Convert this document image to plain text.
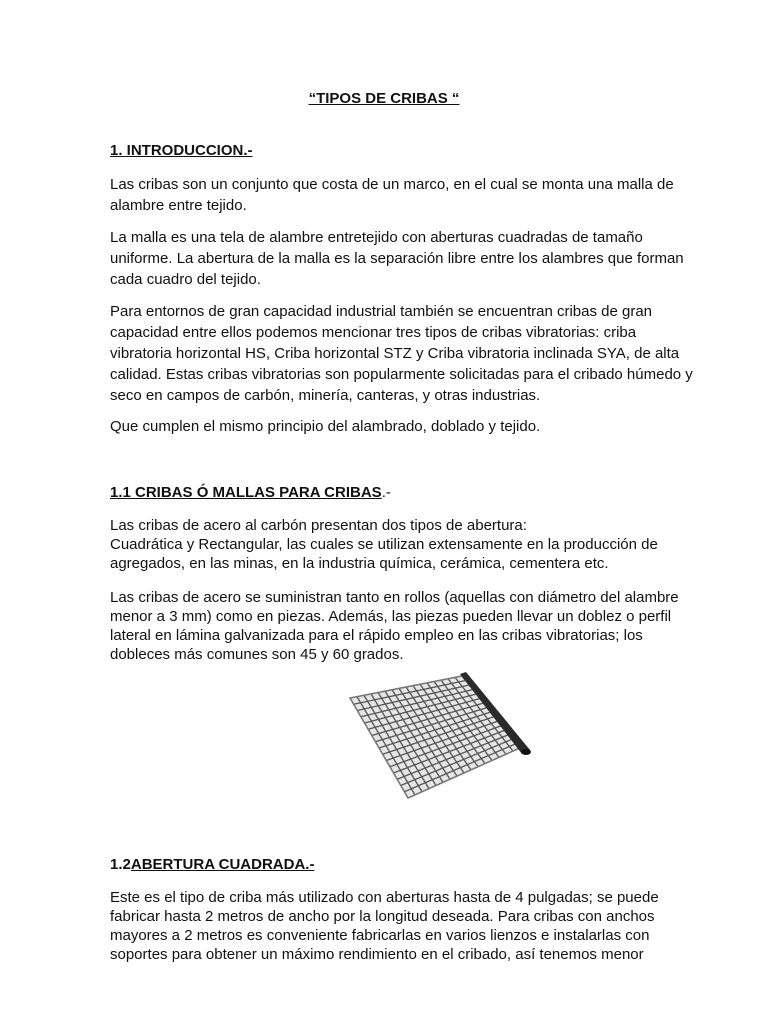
“TIPOS DE CRIBAS “
1. INTRODUCCION.-
Las cribas son un conjunto que costa de un marco, en el cual se monta una malla de
alambre entre tejido.
La malla es una tela de alambre entretejido con aberturas cuadradas de tamaño
uniforme. La abertura de la malla es la separación libre entre los alambres que forman
cada cuadro del tejido.
Para entornos de gran capacidad industrial también se encuentran cribas de gran
capacidad entre ellos podemos mencionar tres tipos de cribas vibratorias: criba
vibratoria horizontal HS, Criba horizontal STZ y Criba vibratoria inclinada SYA, de alta
calidad. Estas cribas vibratorias son popularmente solicitadas para el cribado húmedo y
seco en campos de carbón, minería, canteras, y otras industrias.
Que cumplen el mismo principio del alambrado, doblado y tejido.
1.1 CRIBAS Ó MALLAS PARA CRIBAS.-
Las cribas de acero al carbón presentan dos tipos de abertura:
Cuadrática y Rectangular, las cuales se utilizan extensamente en la producción de
agregados, en las minas, en la industria química, cerámica, cementera etc.
Las cribas de acero se suministran tanto en rollos (aquellas con diámetro del alambre
menor a 3 mm) como en piezas. Además, las piezas pueden llevar un doblez o perfil
lateral en lámina galvanizada para el rápido empleo en las cribas vibratorias; los
dobleces más comunes son 45 y 60 grados.
1.2ABERTURA CUADRADA.-
Este es el tipo de criba más utilizado con aberturas hasta de 4 pulgadas; se puede
fabricar hasta 2 metros de ancho por la longitud deseada. Para cribas con anchos
mayores a 2 metros es conveniente fabricarlas en varios lienzos e instalarlas con
soportes para obtener un máximo rendimiento en el cribado, así tenemos menor
